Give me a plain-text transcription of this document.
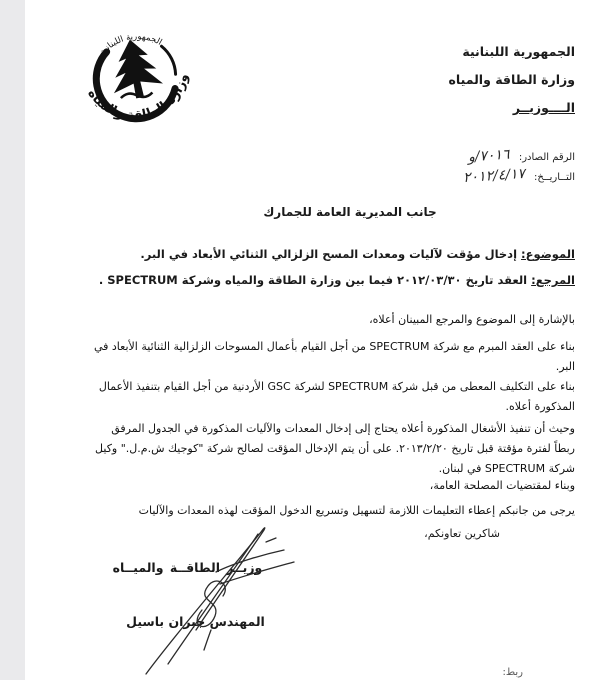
الجمهورية اللبنانية
وزارة الطاقة والمياه
الجمهورية اللبنانية
وزارة الطاقة والمياه
الــــوزيــر
الرقم الصادر: ٧٠١٦/و
التــاريــخ: ٢٠١٢/٤/١٧
جانب المديرية العامة للجمارك
الموضوع: إدخال مؤقت لآليات ومعدات المسح الزلزالي الثنائي الأبعاد في البر.
المرجع: العقد تاريخ ٢٠١٢/٠٣/٣٠ فيما بين وزارة الطاقة والمياه وشركة SPECTRUM .
بالإشارة إلى الموضوع والمرجع المبينان أعلاه،
بناء على العقد المبرم مع شركة SPECTRUM من أجل القيام بأعمال المسوحات الزلزالية الثنائية الأبعاد في البر.
بناء على التكليف المعطى من قبل شركة SPECTRUM لشركة GSC الأردنية من أجل القيام بتنفيذ الأعمال المذكورة أعلاه.
وحيث أن تنفيذ الأشغال المذكورة أعلاه يحتاج إلى إدخال المعدات والآليات المذكورة في الجدول المرفق ربطاً لفترة مؤقتة قبل تاريخ ٢٠١٣/٢/٢٠. على أن يتم الإدخال المؤقت لصالح شركة "كوجيك ش.م.ل." وكيل شركة SPECTRUM في لبنان.
وبناء لمقتضيات المصلحة العامة،
يرجى من جانبكم إعطاء التعليمات اللازمة لتسهيل وتسريع الدخول المؤقت لهذه المعدات والآليات
شاكرين تعاونكم،
وزيــر الطاقــة والميــاه
المهندس جبران باسيل
ربط:
